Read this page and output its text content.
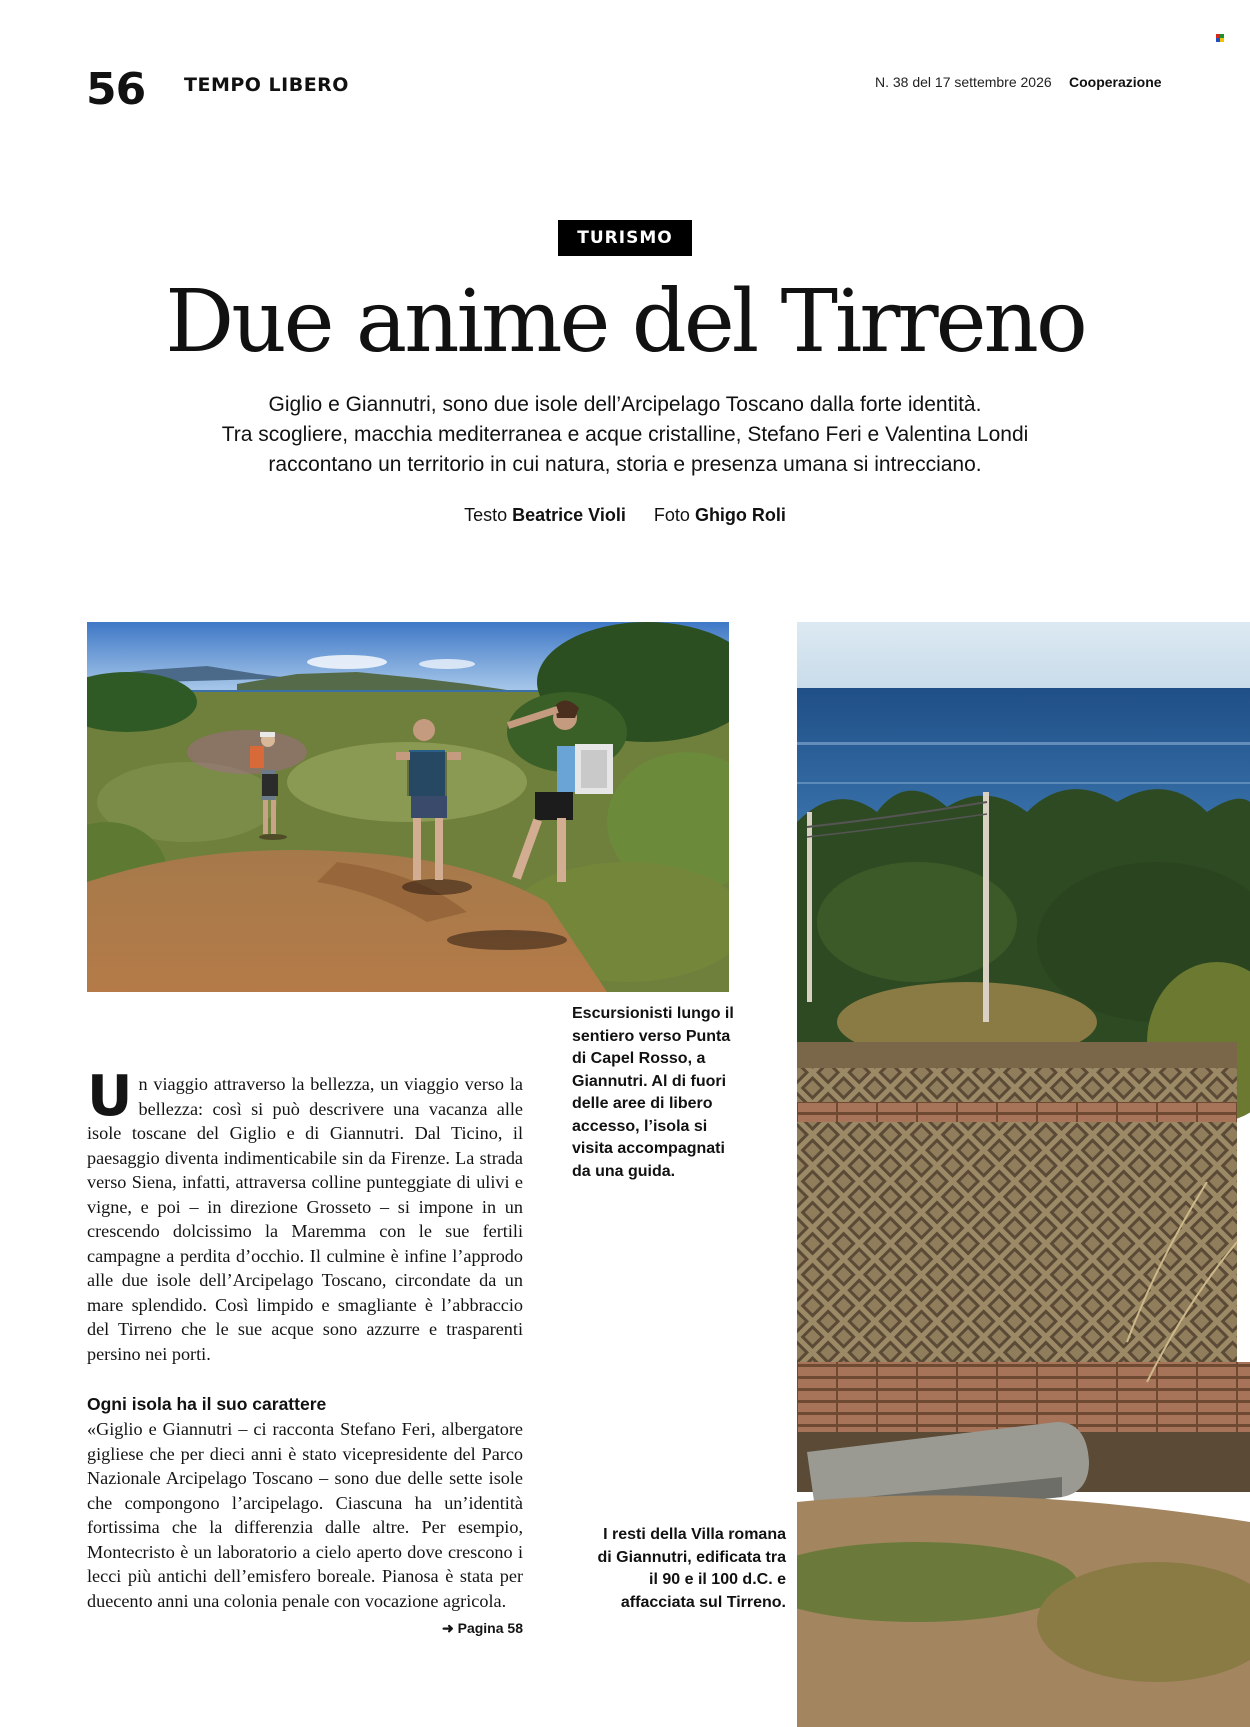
56 TEMPO LIBERO	N. 38 del 17 settembre 2026 Cooperazione
TURISMO
Due anime del Tirreno

Giglio e Giannutri, sono due isole dell’Arcipelago Toscano dalla forte identità.
Tra scogliere, macchia mediterranea e acque cristalline, Stefano Feri e Valentina Londi
raccontano un territorio in cui natura, storia e presenza umana si intrecciano.

Testo Beatrice Violi Foto Ghigo Roli

Escursionisti lungo il sentiero verso Punta di Capel Rosso, a Giannutri. Al di fuori delle aree di libero accesso, l’isola si visita accompagnati da una guida.

I resti della Villa romana di Giannutri, edificata tra il 90 e il 100 d.C. e affacciata sul Tirreno.

Un viaggio attraverso la bellezza, un viaggio verso la bellezza: così si può descrivere una vacanza alle isole toscane del Giglio e di Giannutri. Dal Ticino, il paesaggio diventa indimenticabile sin da Firenze. La strada verso Siena, infatti, attraversa colline punteggiate di ulivi e vigne, e poi – in direzione Grosseto – si impone in un crescendo dolcissimo la Maremma con le sue fertili campagne a perdita d’occhio. Il culmine è infine l’approdo alle due isole dell’Arcipelago Toscano, circondate da un mare splendido. Così limpido e smagliante è l’abbraccio del Tirreno che le sue acque sono azzurre e trasparenti persino nei porti.

Ogni isola ha il suo carattere

«Giglio e Giannutri – ci racconta Stefano Feri, albergatore gigliese che per dieci anni è stato vicepresidente del Parco Nazionale Arcipelago Toscano – sono due delle sette isole che compongono l’arcipelago. Ciascuna ha un’identità fortissima che la differenzia dalle altre. Per esempio, Montecristo è un laboratorio a cielo aperto dove crescono i lecci più antichi dell’emisfero boreale. Pianosa è stata per duecento anni una colonia penale con vocazione agricola.
➜ Pagina 58
